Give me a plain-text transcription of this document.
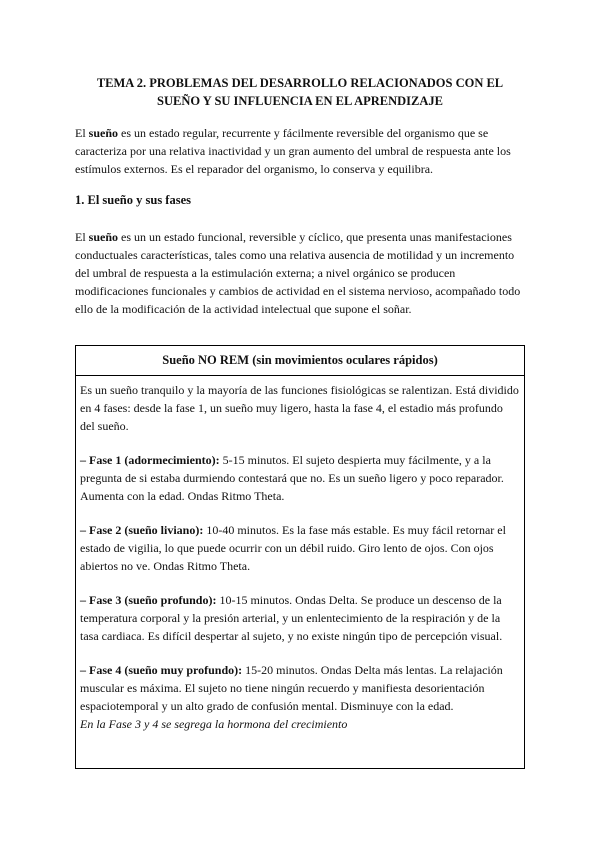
TEMA 2. PROBLEMAS DEL DESARROLLO RELACIONADOS CON EL
SUEÑO Y SU INFLUENCIA EN EL APRENDIZAJE

El sueño es un estado regular, recurrente y fácilmente reversible del organismo que se caracteriza por una relativa inactividad y un gran aumento del umbral de respuesta ante los estímulos externos. Es el reparador del organismo, lo conserva y equilibra.

1. El sueño y sus fases

El sueño es un un estado funcional, reversible y cíclico, que presenta unas manifestaciones conductuales características, tales como una relativa ausencia de motilidad y un incremento del umbral de respuesta a la estimulación externa; a nivel orgánico se producen modificaciones funcionales y cambios de actividad en el sistema nervioso, acompañado todo ello de la modificación de la actividad intelectual que supone el soñar.

Sueño NO REM (sin movimientos oculares rápidos)

Es un sueño tranquilo y la mayoría de las funciones fisiológicas se ralentizan. Está dividido en 4 fases: desde la fase 1, un sueño muy ligero, hasta la fase 4, el estadio más profundo del sueño.

– Fase 1 (adormecimiento): 5-15 minutos. El sujeto despierta muy fácilmente, y a la pregunta de si estaba durmiendo contestará que no. Es un sueño ligero y poco reparador. Aumenta con la edad. Ondas Ritmo Theta.

– Fase 2 (sueño liviano): 10-40 minutos. Es la fase más estable. Es muy fácil retornar el estado de vigilia, lo que puede ocurrir con un débil ruido. Giro lento de ojos. Con ojos abiertos no ve. Ondas Ritmo Theta.

– Fase 3 (sueño profundo): 10-15 minutos. Ondas Delta. Se produce un descenso de la temperatura corporal y la presión arterial, y un enlentecimiento de la respiración y de la tasa cardiaca. Es difícil despertar al sujeto, y no existe ningún tipo de percepción visual.

– Fase 4 (sueño muy profundo): 15-20 minutos. Ondas Delta más lentas. La relajación muscular es máxima. El sujeto no tiene ningún recuerdo y manifiesta desorientación espaciotemporal y un alto grado de confusión mental. Disminuye con la edad.

En la Fase 3 y 4 se segrega la hormona del crecimiento
